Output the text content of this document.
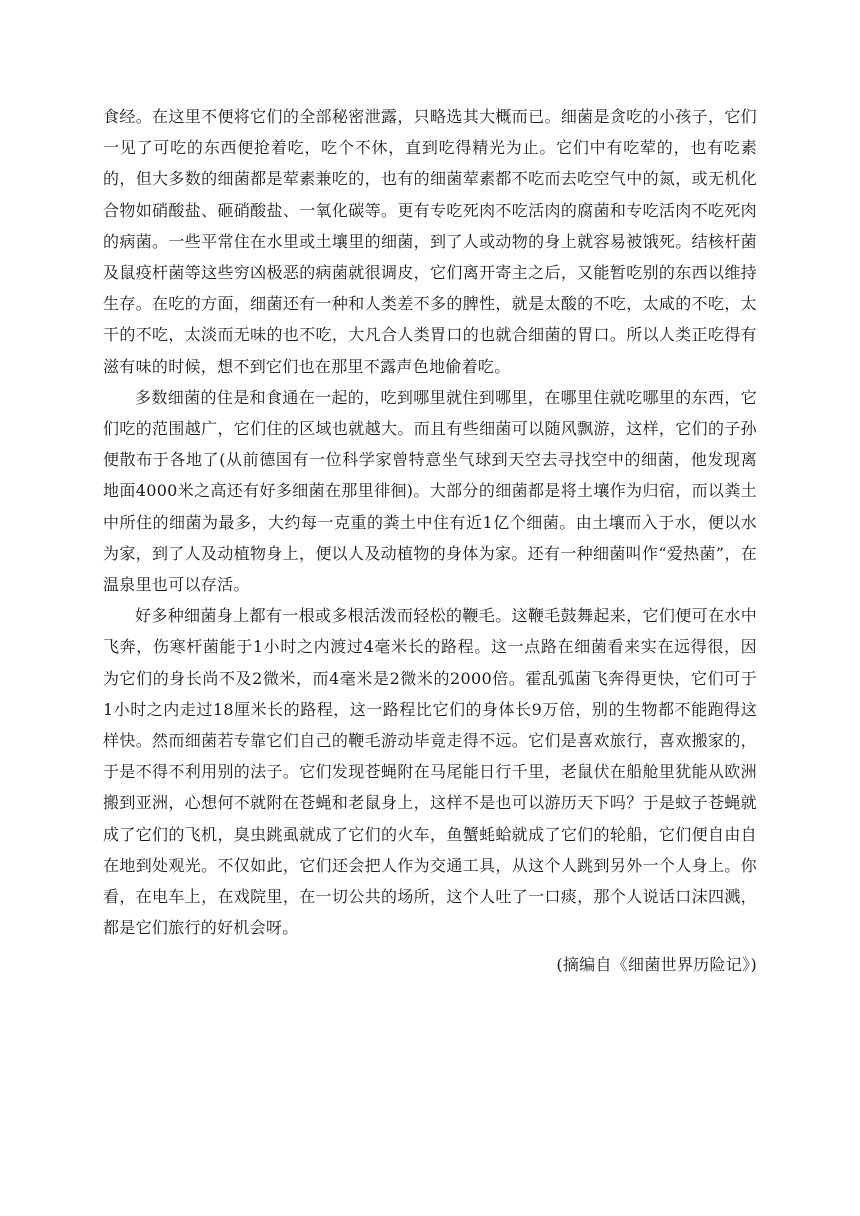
食经。在这里不便将它们的全部秘密泄露，只略选其大概而已。细菌是贪吃的小孩子，它们一见了可吃的东西便抢着吃，吃个不休，直到吃得精光为止。它们中有吃荤的，也有吃素的，但大多数的细菌都是荤素兼吃的，也有的细菌荤素都不吃而去吃空气中的氮，或无机化合物如硝酸盐、砸硝酸盐、一氧化碳等。更有专吃死肉不吃活肉的腐菌和专吃活肉不吃死肉的病菌。一些平常住在水里或土壤里的细菌，到了人或动物的身上就容易被饿死。结核杆菌及鼠疫杆菌等这些穷凶极恶的病菌就很调皮，它们离开寄主之后，又能暂吃别的东西以维持生存。在吃的方面，细菌还有一种和人类差不多的脾性，就是太酸的不吃，太咸的不吃，太干的不吃，太淡而无味的也不吃，大凡合人类胃口的也就合细菌的胃口。所以人类正吃得有滋有味的时候，想不到它们也在那里不露声色地偷着吃。

多数细菌的住是和食通在一起的，吃到哪里就住到哪里，在哪里住就吃哪里的东西，它们吃的范围越广，它们住的区域也就越大。而且有些细菌可以随风飘游，这样，它们的子孙便散布于各地了(从前德国有一位科学家曾特意坐气球到天空去寻找空中的细菌，他发现离地面4000米之高还有好多细菌在那里徘徊)。大部分的细菌都是将土壤作为归宿，而以粪土中所住的细菌为最多，大约每一克重的粪土中住有近1亿个细菌。由土壤而入于水，便以水为家，到了人及动植物身上，便以人及动植物的身体为家。还有一种细菌叫作“爱热菌”，在温泉里也可以存活。

好多种细菌身上都有一根或多根活泼而轻松的鞭毛。这鞭毛鼓舞起来，它们便可在水中飞奔，伤寒杆菌能于1小时之内渡过4毫米长的路程。这一点路在细菌看来实在远得很，因为它们的身长尚不及2微米，而4毫米是2微米的2000倍。霍乱弧菌飞奔得更快，它们可于1小时之内走过18厘米长的路程，这一路程比它们的身体长9万倍，别的生物都不能跑得这样快。然而细菌若专靠它们自己的鞭毛游动毕竟走得不远。它们是喜欢旅行，喜欢搬家的，于是不得不利用别的法子。它们发现苍蝇附在马尾能日行千里，老鼠伏在船舱里犹能从欧洲搬到亚洲，心想何不就附在苍蝇和老鼠身上，这样不是也可以游历天下吗？于是蚊子苍蝇就成了它们的飞机，臭虫跳虱就成了它们的火车，鱼蟹蚝蛤就成了它们的轮船，它们便自由自在地到处观光。不仅如此，它们还会把人作为交通工具，从这个人跳到另外一个人身上。你看，在电车上，在戏院里，在一切公共的场所，这个人吐了一口痰，那个人说话口沫四溅，都是它们旅行的好机会呀。

(摘编自《细菌世界历险记》)
